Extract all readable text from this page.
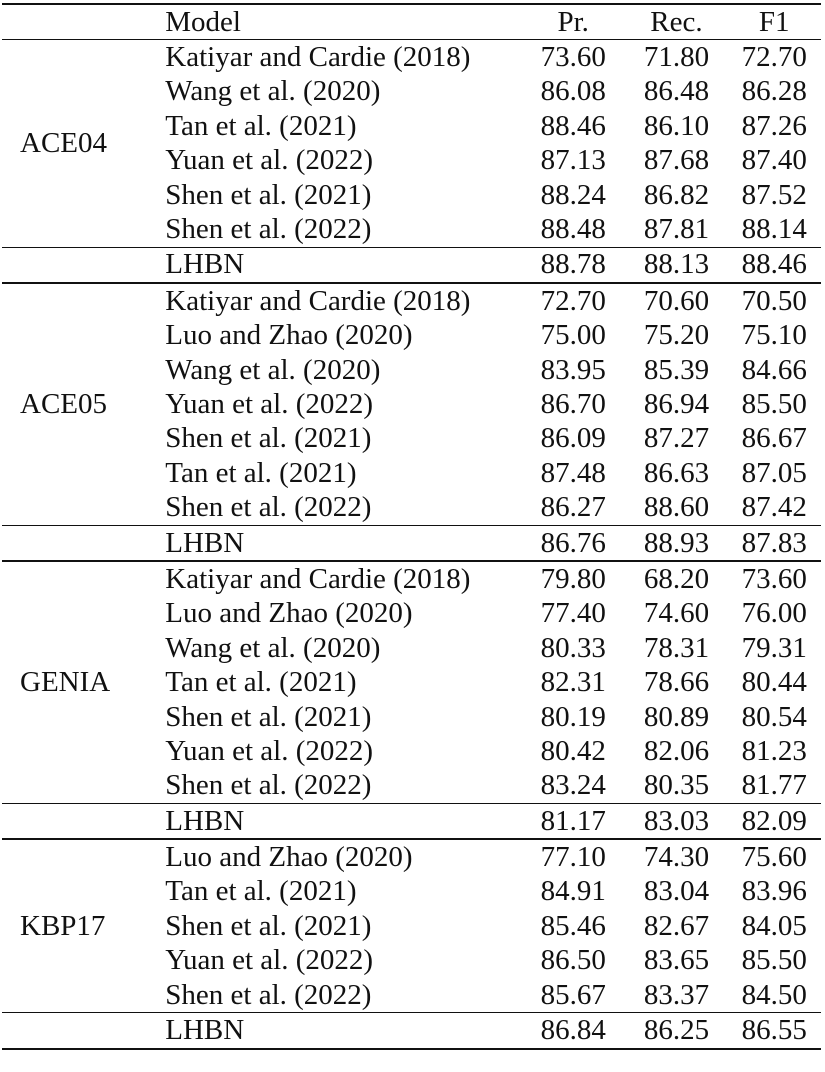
	Model	Pr.	Rec.	F1
ACE04	Katiyar and Cardie (2018)	73.60	71.80	72.70
	Wang et al. (2020)	86.08	86.48	86.28
	Tan et al. (2021)	88.46	86.10	87.26
	Yuan et al. (2022)	87.13	87.68	87.40
	Shen et al. (2021)	88.24	86.82	87.52
	Shen et al. (2022)	88.48	87.81	88.14
	LHBN	88.78	88.13	88.46
ACE05	Katiyar and Cardie (2018)	72.70	70.60	70.50
	Luo and Zhao (2020)	75.00	75.20	75.10
	Wang et al. (2020)	83.95	85.39	84.66
	Yuan et al. (2022)	86.70	86.94	85.50
	Shen et al. (2021)	86.09	87.27	86.67
	Tan et al. (2021)	87.48	86.63	87.05
	Shen et al. (2022)	86.27	88.60	87.42
	LHBN	86.76	88.93	87.83
GENIA	Katiyar and Cardie (2018)	79.80	68.20	73.60
	Luo and Zhao (2020)	77.40	74.60	76.00
	Wang et al. (2020)	80.33	78.31	79.31
	Tan et al. (2021)	82.31	78.66	80.44
	Shen et al. (2021)	80.19	80.89	80.54
	Yuan et al. (2022)	80.42	82.06	81.23
	Shen et al. (2022)	83.24	80.35	81.77
	LHBN	81.17	83.03	82.09
KBP17	Luo and Zhao (2020)	77.10	74.30	75.60
	Tan et al. (2021)	84.91	83.04	83.96
	Shen et al. (2021)	85.46	82.67	84.05
	Yuan et al. (2022)	86.50	83.65	85.50
	Shen et al. (2022)	85.67	83.37	84.50
	LHBN	86.84	86.25	86.55
